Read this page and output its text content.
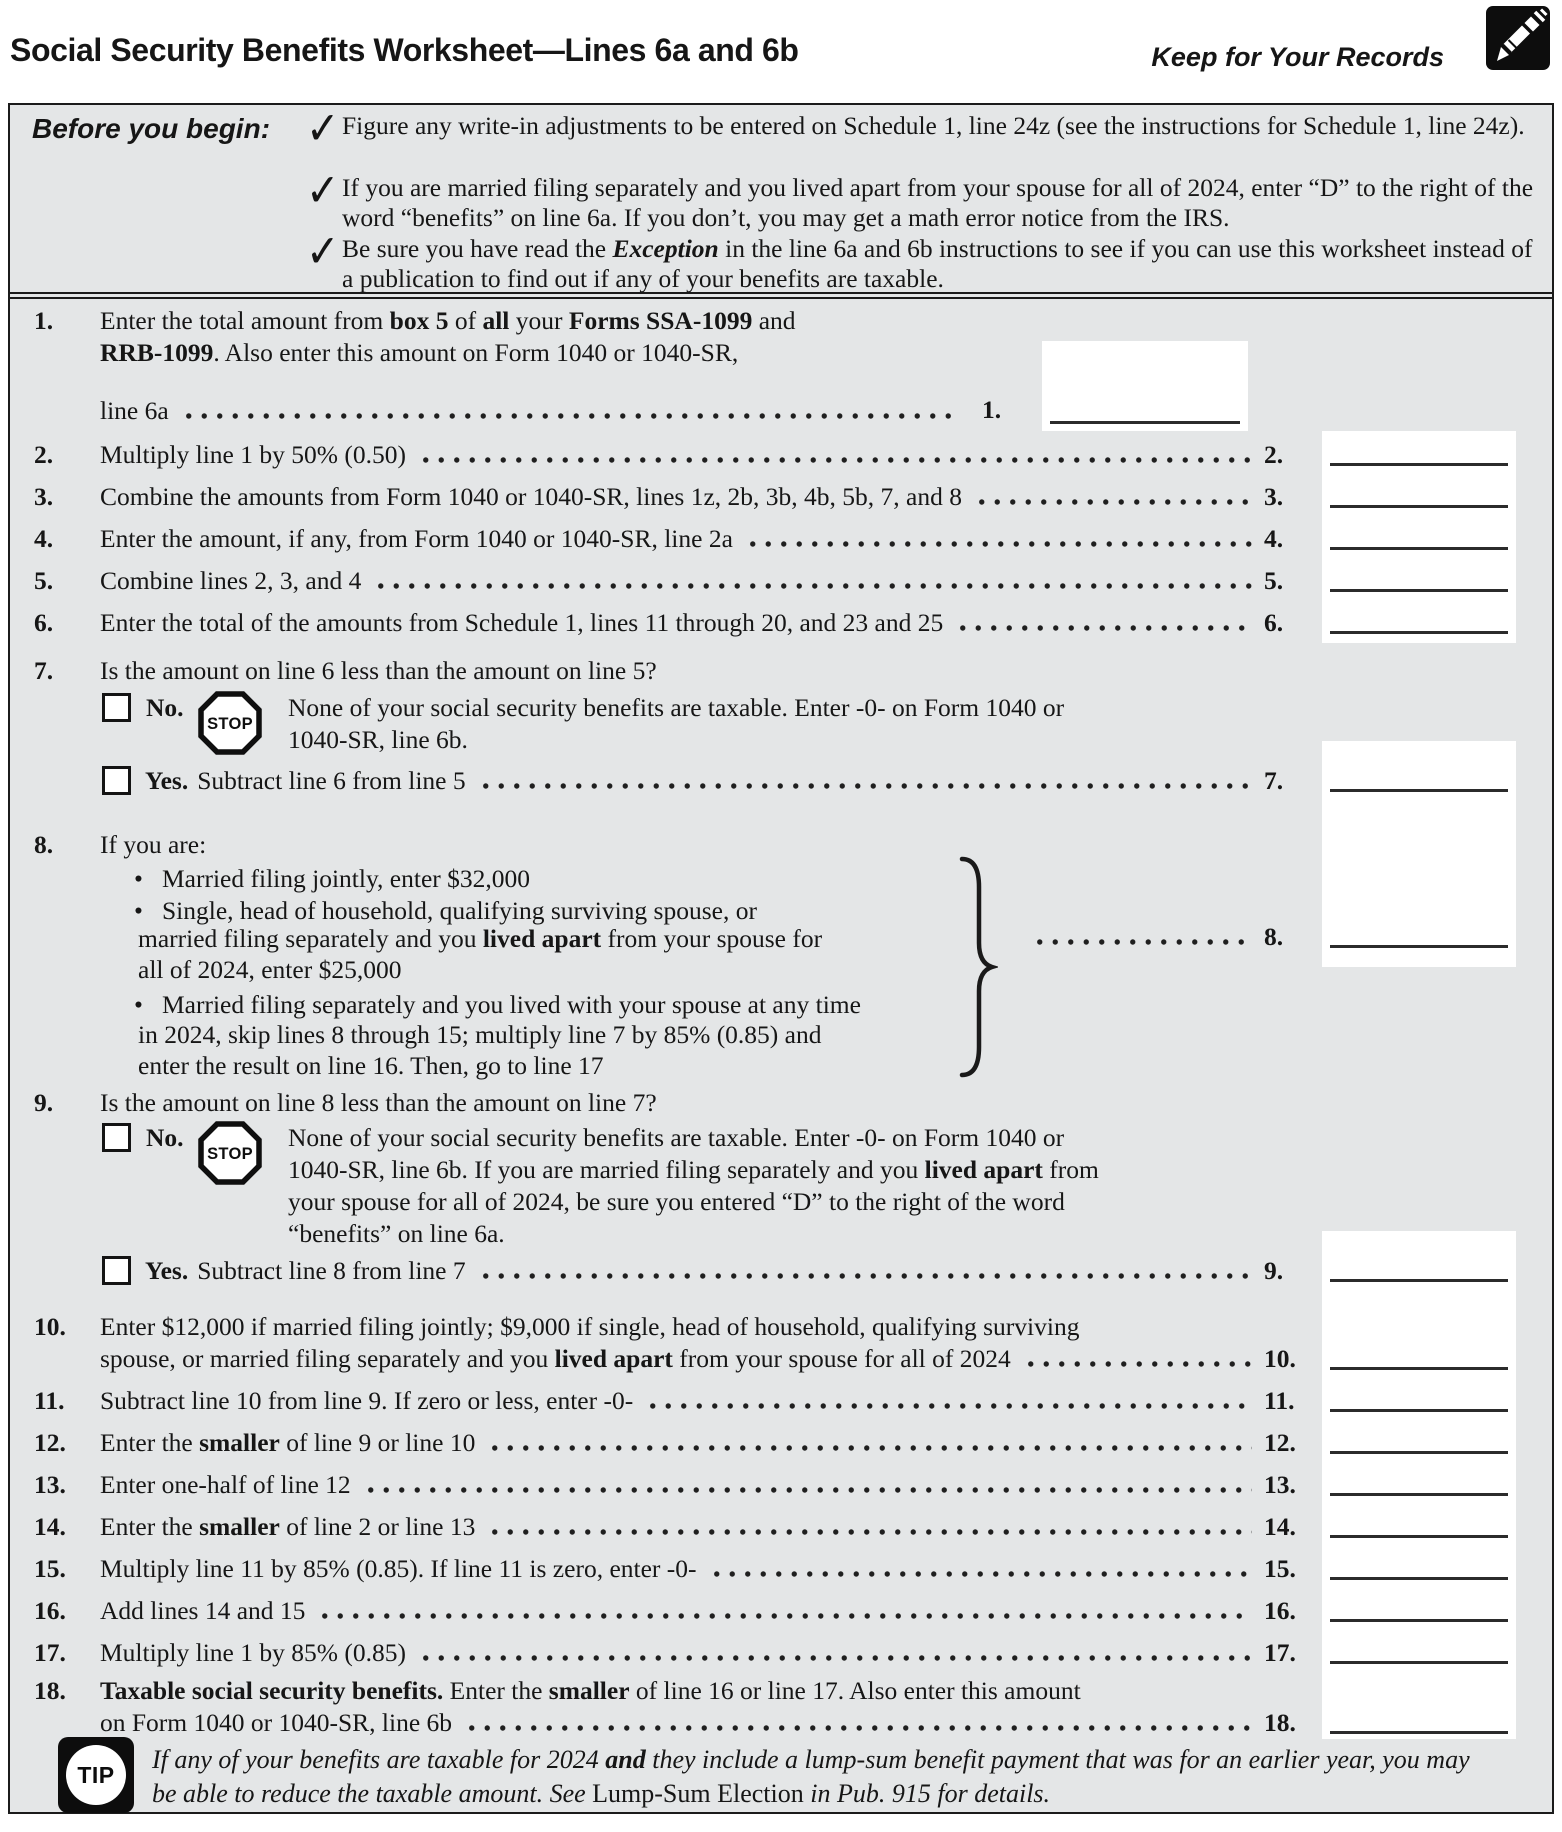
Social Security Benefits Worksheet—Lines 6a and 6b	Keep for Your Records
Before you begin: ✓ Figure any write-in adjustments to be entered on Schedule 1, line 24z (see the instructions for Schedule 1, line 24z).
✓ If you are married filing separately and you lived apart from your spouse for all of 2024, enter “D” to the right of the word “benefits” on line 6a. If you don’t, you may get a math error notice from the IRS.
✓ Be sure you have read the Exception in the line 6a and 6b instructions to see if you can use this worksheet instead of a publication to find out if any of your benefits are taxable.
1.	Enter the total amount from box 5 of all your Forms SSA-1099 and
RRB-1099. Also enter this amount on Form 1040 or 1040-SR,
line 6a	1.
2.	Multiply line 1 by 50% (0.50)	2.
3.	Combine the amounts from Form 1040 or 1040-SR, lines 1z, 2b, 3b, 4b, 5b, 7, and 8	3.
4.	Enter the amount, if any, from Form 1040 or 1040-SR, line 2a	4.
5.	Combine lines 2, 3, and 4	5.
6.	Enter the total of the amounts from Schedule 1, lines 11 through 20, and 23 and 25	6.
7.	Is the amount on line 6 less than the amount on line 5?
No.
STOP
None of your social security benefits are taxable. Enter -0- on Form 1040 or
1040-SR, line 6b.
Yes. Subtract line 6 from line 5	7.
8.	If you are:
• Married filing jointly, enter $32,000
• Single, head of household, qualifying surviving spouse, or
married filing separately and you lived apart from your spouse for
all of 2024, enter $25,000
• Married filing separately and you lived with your spouse at any time
in 2024, skip lines 8 through 15; multiply line 7 by 85% (0.85) and
enter the result on line 16. Then, go to line 17
8.
9.	Is the amount on line 8 less than the amount on line 7?
No.
STOP
None of your social security benefits are taxable. Enter -0- on Form 1040 or
1040-SR, line 6b. If you are married filing separately and you lived apart from
your spouse for all of 2024, be sure you entered “D” to the right of the word
“benefits” on line 6a.
Yes. Subtract line 8 from line 7	9.
10.	Enter $12,000 if married filing jointly; $9,000 if single, head of household, qualifying surviving
spouse, or married filing separately and you lived apart from your spouse for all of 2024	10.
11.	Subtract line 10 from line 9. If zero or less, enter -0-	11.
12.	Enter the smaller of line 9 or line 10	12.
13.	Enter one-half of line 12	13.
14.	Enter the smaller of line 2 or line 13	14.
15.	Multiply line 11 by 85% (0.85). If line 11 is zero, enter -0-	15.
16.	Add lines 14 and 15	16.
17.	Multiply line 1 by 85% (0.85)	17.
18.	Taxable social security benefits. Enter the smaller of line 16 or line 17. Also enter this amount
on Form 1040 or 1040-SR, line 6b	18.
TIP
If any of your benefits are taxable for 2024 and they include a lump-sum benefit payment that was for an earlier year, you may be able to reduce the taxable amount. See Lump-Sum Election in Pub. 915 for details.
